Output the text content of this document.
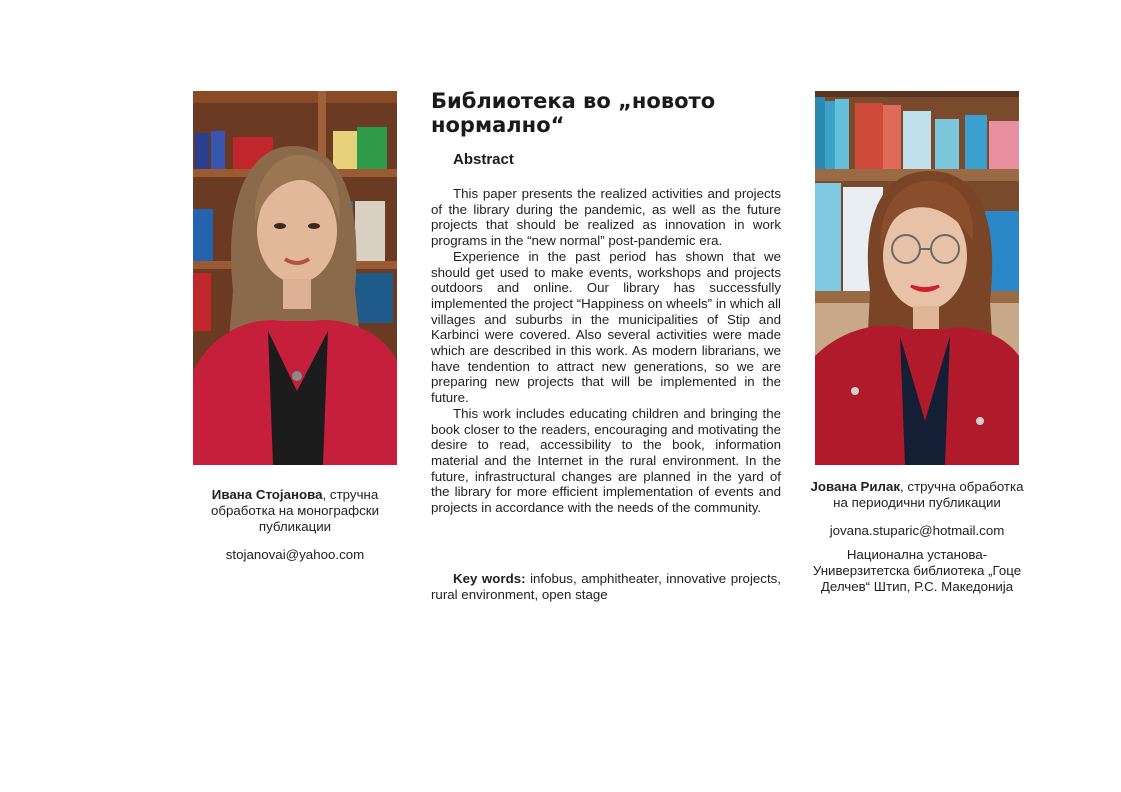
Ивана Стојанова, стручна обработка на монографски публикации
stojanovai@yahoo.com
Библиотека во „новото нормално“
Abstract

This paper presents the realized activities and projects of the library during the pandemic, as well as the future projects that should be realized as innovation in work programs in the “new normal” post-pandemic era.

Experience in the past period has shown that we should get used to make events, workshops and projects outdoors and online. Our library has successfully implemented the project “Happiness on wheels” in which all villages and suburbs in the municipalities of Stip and Karbinci were covered. Also several activities were made which are described in this work. As modern librarians, we have tendention to attract new generations, so we are preparing new projects that will be implemented in the future.

This work includes educating children and bringing the book closer to the readers, encouraging and motivating the desire to read, accessibility to the book, information material and the Internet in the rural environment. In the future, infrastructural changes are planned in the yard of the library for more efficient implementation of events and projects in accordance with the needs of the community.

Key words: infobus, amphitheater, innovative projects, rural environment, open stage

Јована Рилак, стручна обработка на периодични публикации
jovana.stuparic@hotmail.com
Национална установа-Универзитетска библиотека „Гоце Делчев“ Штип, Р.С. Македонија
